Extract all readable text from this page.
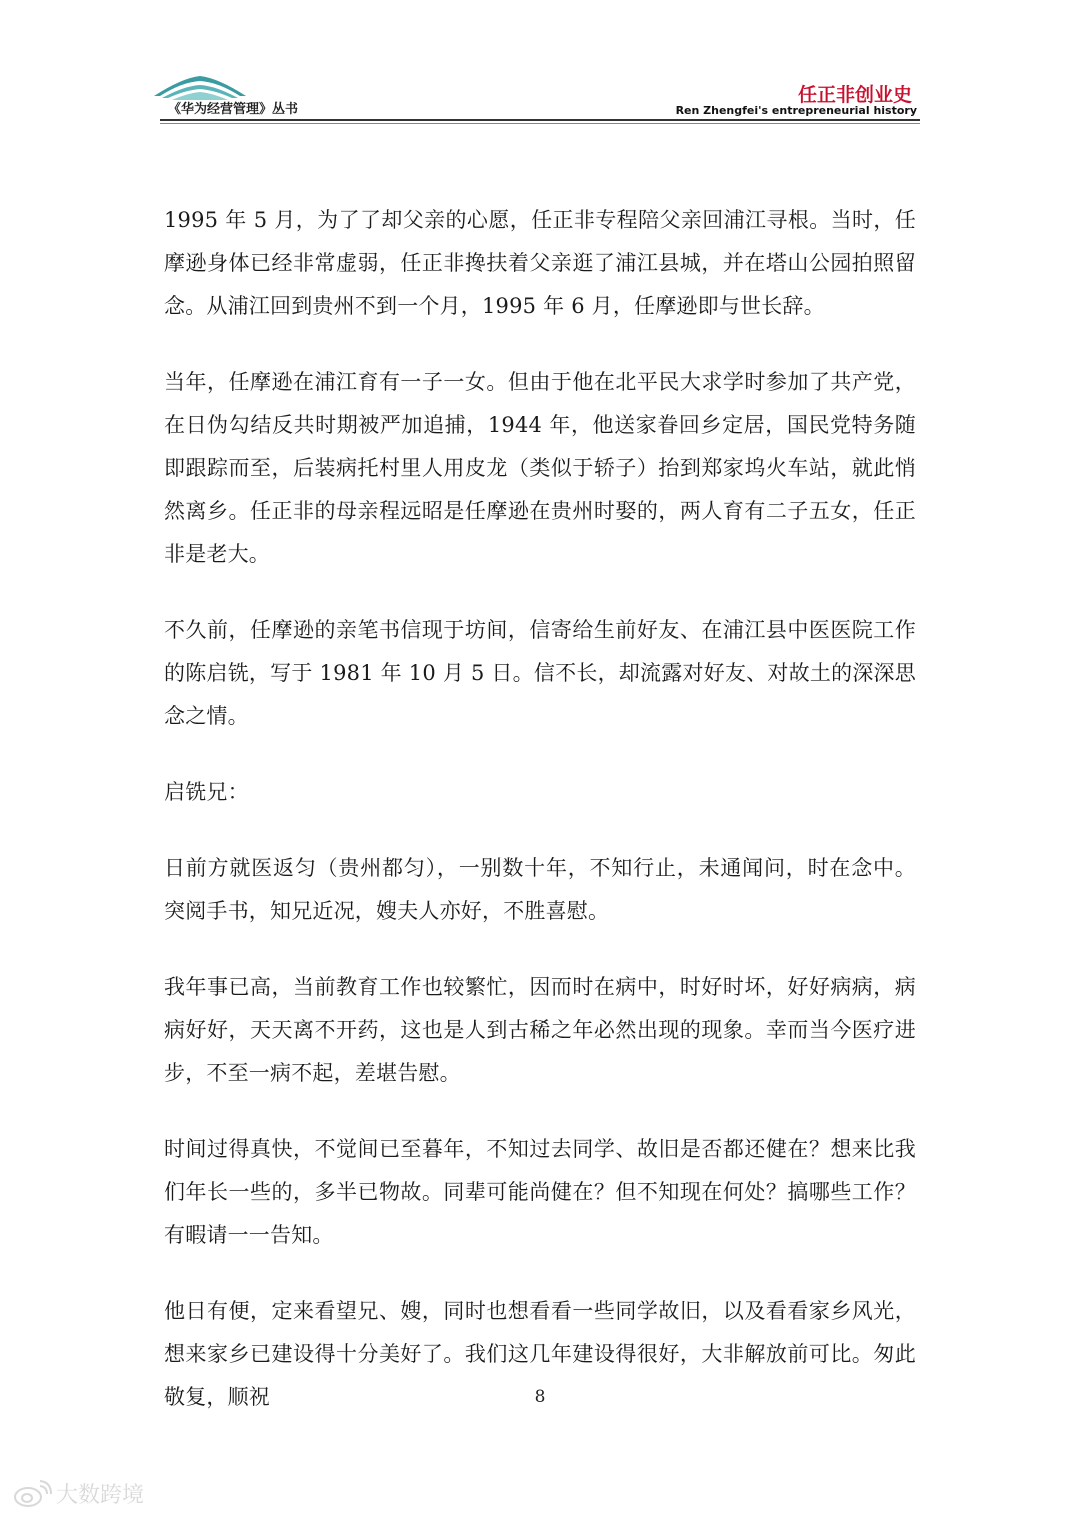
《华为经营管理》丛书
任正非创业史
Ren Zhengfei's entrepreneurial history

1995 年 5 月，为了了却父亲的心愿，任正非专程陪父亲回浦江寻根。当时，任摩逊身体已经非常虚弱，任正非搀扶着父亲逛了浦江县城，并在塔山公园拍照留念。从浦江回到贵州不到一个月，1995 年 6 月，任摩逊即与世长辞。

当年，任摩逊在浦江育有一子一女。但由于他在北平民大求学时参加了共产党，在日伪勾结反共时期被严加追捕，1944 年，他送家眷回乡定居，国民党特务随即跟踪而至，后装病托村里人用皮龙（类似于轿子）抬到郑家坞火车站，就此悄然离乡。任正非的母亲程远昭是任摩逊在贵州时娶的，两人育有二子五女，任正非是老大。

不久前，任摩逊的亲笔书信现于坊间，信寄给生前好友、在浦江县中医医院工作的陈启铣，写于 1981 年 10 月 5 日。信不长，却流露对好友、对故土的深深思念之情。

启铣兄：

日前方就医返匀（贵州都匀），一别数十年，不知行止，未通闻问，时在念中。突阅手书，知兄近况，嫂夫人亦好，不胜喜慰。

我年事已高，当前教育工作也较繁忙，因而时在病中，时好时坏，好好病病，病病好好，天天离不开药，这也是人到古稀之年必然出现的现象。幸而当今医疗进步，不至一病不起，差堪告慰。

时间过得真快，不觉间已至暮年，不知过去同学、故旧是否都还健在？想来比我们年长一些的，多半已物故。同辈可能尚健在？但不知现在何处？搞哪些工作？有暇请一一告知。

他日有便，定来看望兄、嫂，同时也想看看一些同学故旧，以及看看家乡风光，想来家乡已建设得十分美好了。我们这几年建设得很好，大非解放前可比。匆此敬复，顺祝	8
大数跨境
